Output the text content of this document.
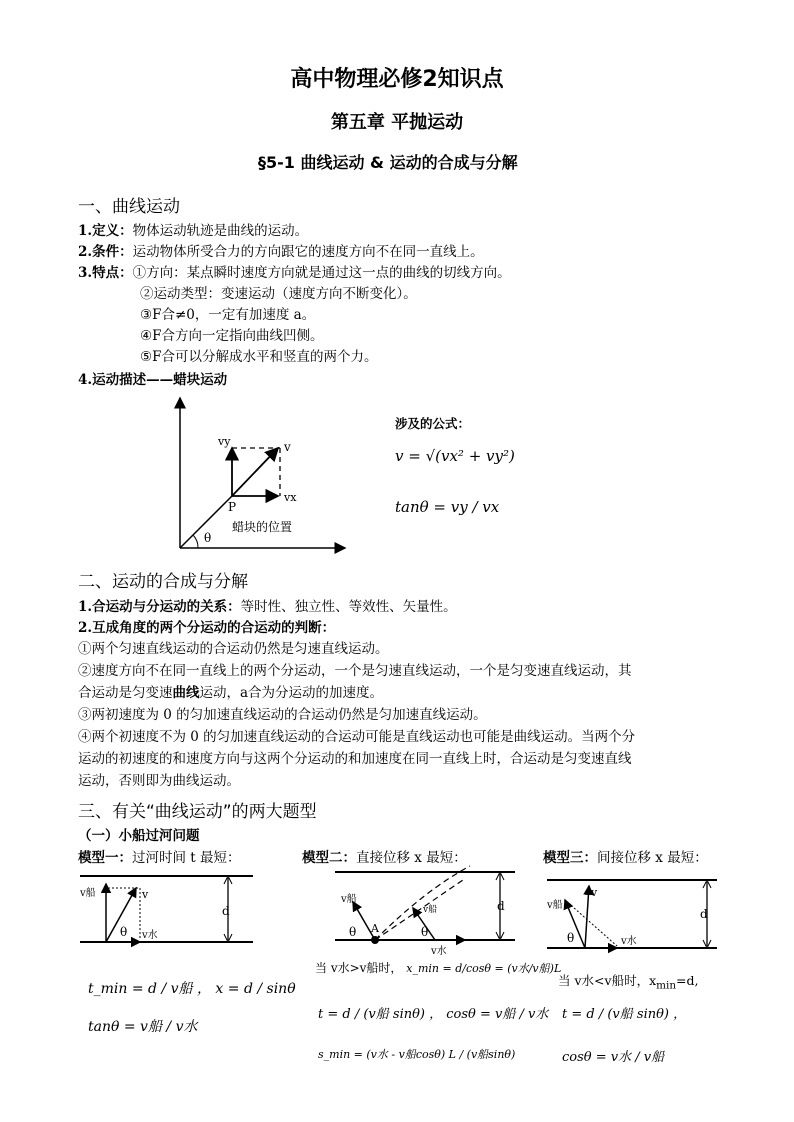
高中物理必修2知识点
第五章 平抛运动
§5-1 曲线运动 & 运动的合成与分解
一、曲线运动
1.定义：物体运动轨迹是曲线的运动。
2.条件：运动物体所受合力的方向跟它的速度方向不在同一直线上。
3.特点：①方向：某点瞬时速度方向就是通过这一点的曲线的切线方向。
②运动类型：变速运动（速度方向不断变化）。
③F合≠0，一定有加速度 a。
④F合方向一定指向曲线凹侧。
⑤F合可以分解成水平和竖直的两个力。
4.运动描述——蜡块运动
vy	v
vx
P
θ
蜡块的位置
涉及的公式：
v = √(vx² + vy²)
tanθ = vy / vx
二、运动的合成与分解
1.合运动与分运动的关系：等时性、独立性、等效性、矢量性。
2.互成角度的两个分运动的合运动的判断：
①两个匀速直线运动的合运动仍然是匀速直线运动。
②速度方向不在同一直线上的两个分运动，一个是匀速直线运动，一个是匀变速直线运动，其
合运动是匀变速曲线运动，a合为分运动的加速度。
③两初速度为 0 的匀加速直线运动的合运动仍然是匀加速直线运动。
④两个初速度不为 0 的匀加速直线运动的合运动可能是直线运动也可能是曲线运动。当两个分
运动的初速度的和速度方向与这两个分运动的和加速度在同一直线上时，合运动是匀变速直线
运动，否则即为曲线运动。
三、有关“曲线运动”的两大题型
（一）小船过河问题
模型一：过河时间 t 最短：	模型二：直接位移 x 最短：	模型三：间接位移 x 最短：
v船	v
v水
θ
d
v船
v船
θ	θ
A
v水
d	v船
v
v水
θ
d
t_min = d / v船 ， x = d / sinθ
tanθ = v船 / v水
当 v水>v船时， x_min = d/cosθ = (v水/v船)L
t = d / (v船 sinθ) ， cosθ = v船 / v水
s_min = (v水 - v船cosθ) L / (v船sinθ)
当 v水<v船时，$x_{min}=d$,
t = d / (v船 sinθ) ，
cosθ = v水 / v船
